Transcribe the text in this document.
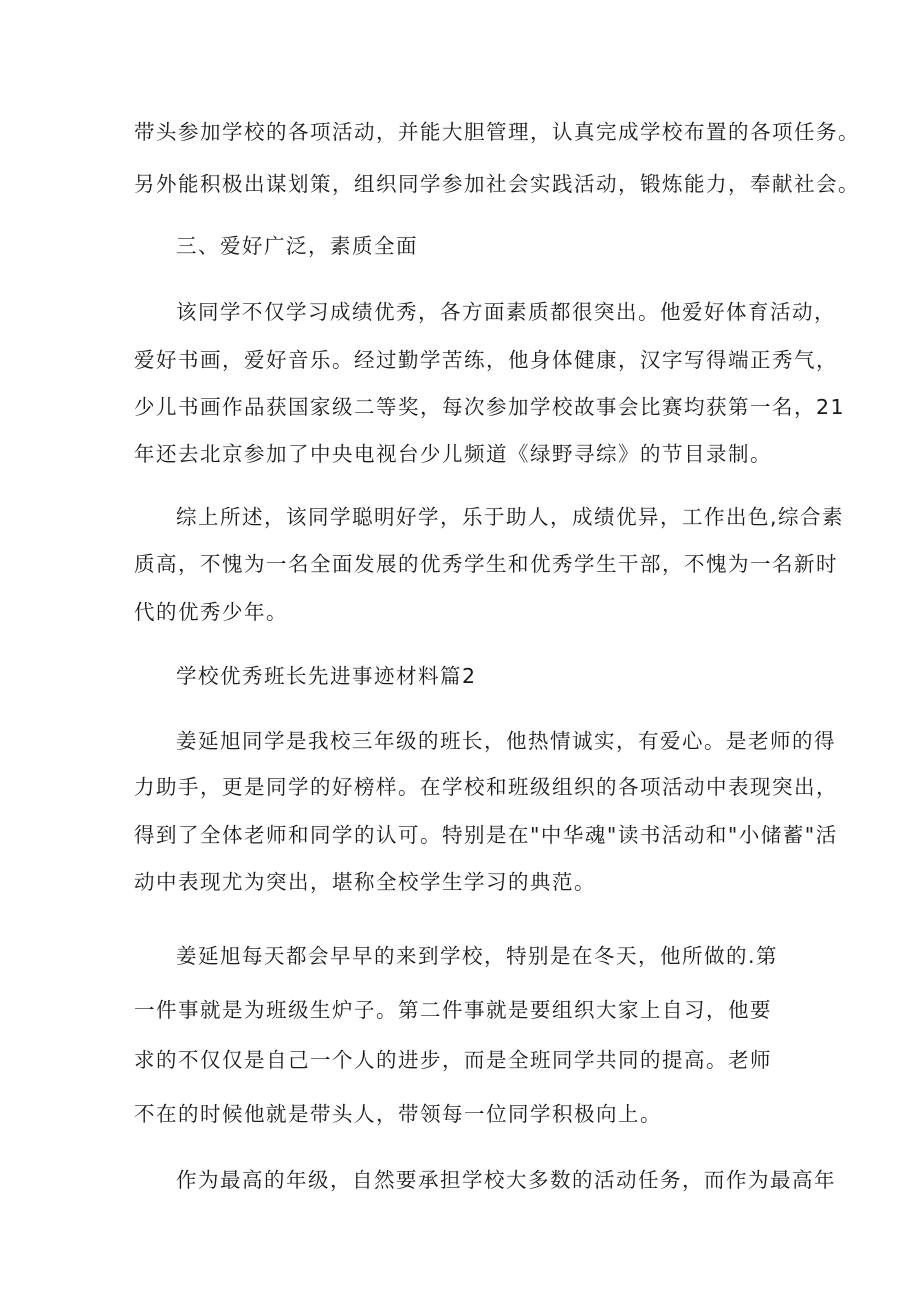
带头参加学校的各项活动，并能大胆管理，认真完成学校布置的各项任务。
另外能积极出谋划策，组织同学参加社会实践活动，锻炼能力，奉献社会。
三、爱好广泛，素质全面
该同学不仅学习成绩优秀，各方面素质都很突出。他爱好体育活动，
爱好书画，爱好音乐。经过勤学苦练，他身体健康，汉字写得端正秀气，
少儿书画作品获国家级二等奖，每次参加学校故事会比赛均获第一名，21
年还去北京参加了中央电视台少儿频道《绿野寻综》的节目录制。
综上所述，该同学聪明好学，乐于助人，成绩优异，工作出色,综合素
质高，不愧为一名全面发展的优秀学生和优秀学生干部，不愧为一名新时
代的优秀少年。
学校优秀班长先进事迹材料篇2
姜延旭同学是我校三年级的班长，他热情诚实，有爱心。是老师的得
力助手，更是同学的好榜样。在学校和班级组织的各项活动中表现突出，
得到了全体老师和同学的认可。特别是在"中华魂"读书活动和"小储蓄"活
动中表现尤为突出，堪称全校学生学习的典范。
姜延旭每天都会早早的来到学校，特别是在冬天，他所做的.第
一件事就是为班级生炉子。第二件事就是要组织大家上自习，他要
求的不仅仅是自己一个人的进步，而是全班同学共同的提高。老师
不在的时候他就是带头人，带领每一位同学积极向上。
作为最高的年级，自然要承担学校大多数的活动任务，而作为最高年
